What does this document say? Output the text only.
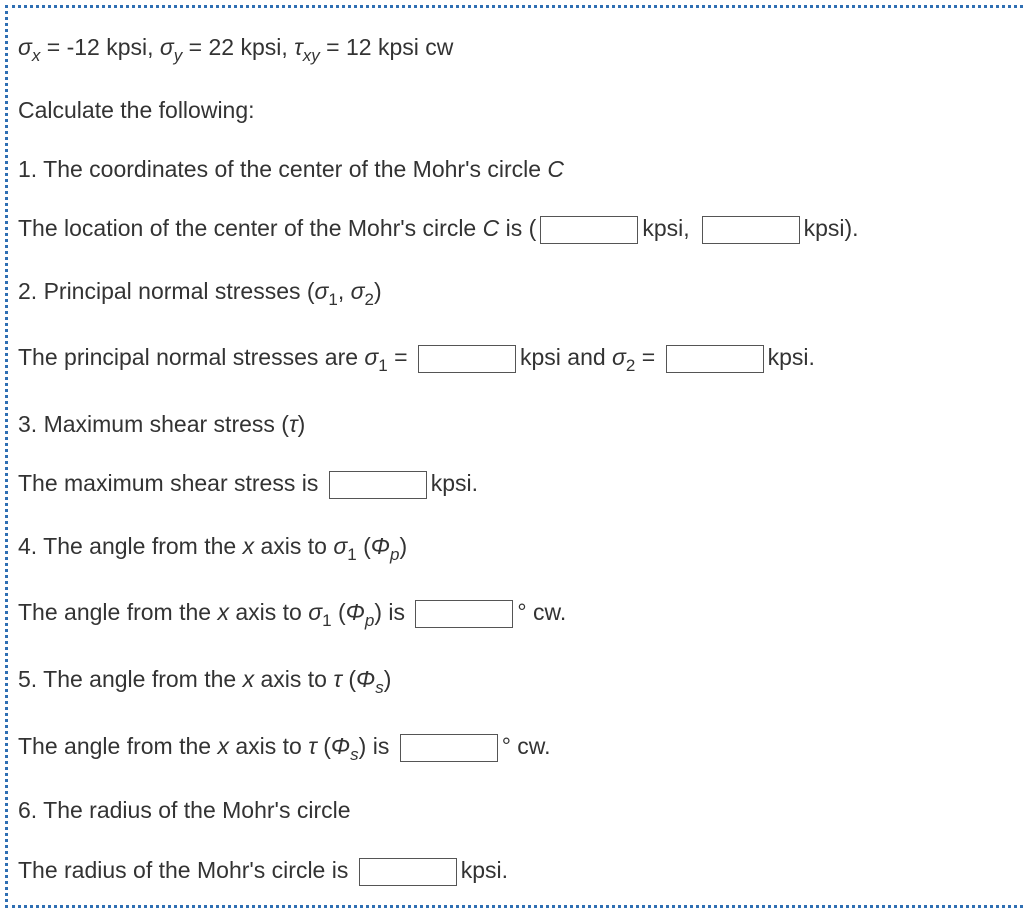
$\sigma_x = -12$ kpsi, $\sigma_y = 22$ kpsi, $\tau_{xy} = 12$ kpsi cw
Calculate the following:
1. The coordinates of the center of the Mohr's circle C
The location of the center of the Mohr's circle C is (	kpsi,	kpsi).
2. Principal normal stresses ($\sigma_1$, $\sigma_2$)
The principal normal stresses are $\sigma_1$ =	kpsi and $\sigma_2$ =	kpsi.
3. Maximum shear stress (τ)
The maximum shear stress is	kpsi.
4. The angle from the x axis to $\sigma_1$ $(\Phi_p)$
The angle from the x axis to $\sigma_1$ $(\Phi_p)$ is	° cw.
5. The angle from the x axis to τ $(\Phi_s)$
The angle from the x axis to τ $(\Phi_s)$ is	° cw.
6. The radius of the Mohr's circle
The radius of the Mohr's circle is	kpsi.
